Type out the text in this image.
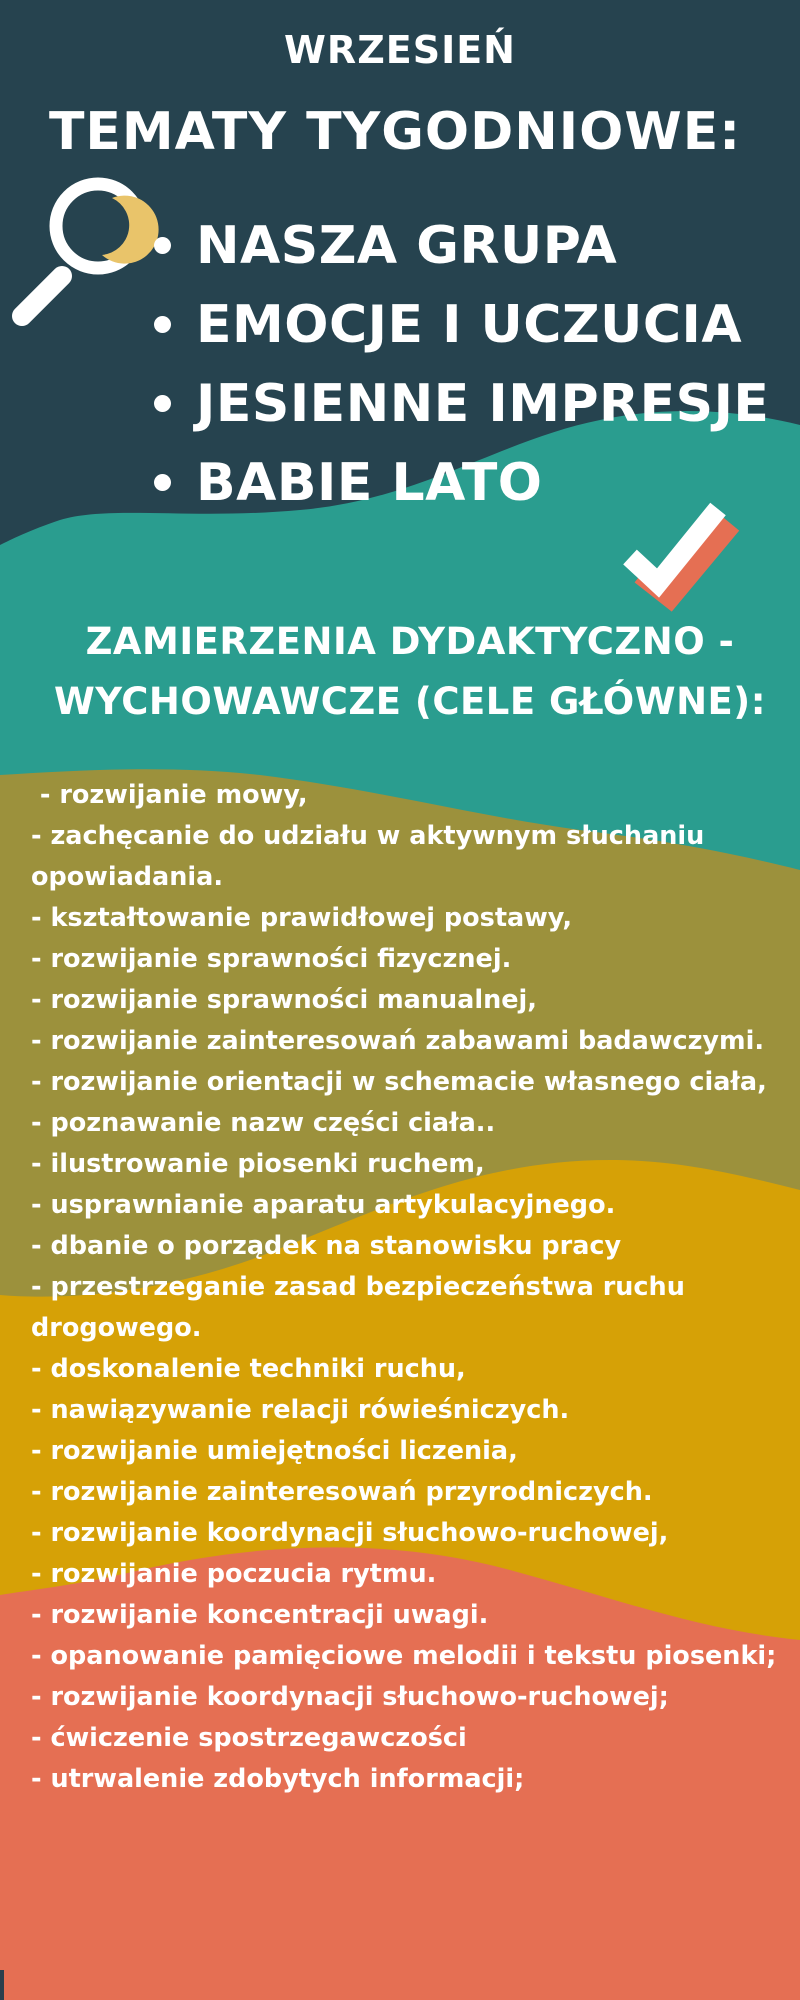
WRZESIEŃ
TEMATY TYGODNIOWE:
NASZA GRUPA
EMOCJE I UCZUCIA
JESIENNE IMPRESJE
BABIE LATO
ZAMIERZENIA DYDAKTYCZNO - WYCHOWAWCZE (CELE GŁÓWNE):
- rozwijanie mowy,
- zachęcanie do udziału w aktywnym słuchaniu
opowiadania.
- kształtowanie prawidłowej postawy,
- rozwijanie sprawności fizycznej.
- rozwijanie sprawności manualnej,
- rozwijanie zainteresowań zabawami badawczymi.
- rozwijanie orientacji w schemacie własnego ciała,
- poznawanie nazw części ciała..
- ilustrowanie piosenki ruchem,
- usprawnianie aparatu artykulacyjnego.
- dbanie o porządek na stanowisku pracy
- przestrzeganie zasad bezpieczeństwa ruchu
drogowego.
- doskonalenie techniki ruchu,
- nawiązywanie relacji rówieśniczych.
- rozwijanie umiejętności liczenia,
- rozwijanie zainteresowań przyrodniczych.
- rozwijanie koordynacji słuchowo-ruchowej,
- rozwijanie poczucia rytmu.
- rozwijanie koncentracji uwagi.
- opanowanie pamięciowe melodii i tekstu piosenki;
- rozwijanie koordynacji słuchowo-ruchowej;
- ćwiczenie spostrzegawczości
- utrwalenie zdobytych informacji;
